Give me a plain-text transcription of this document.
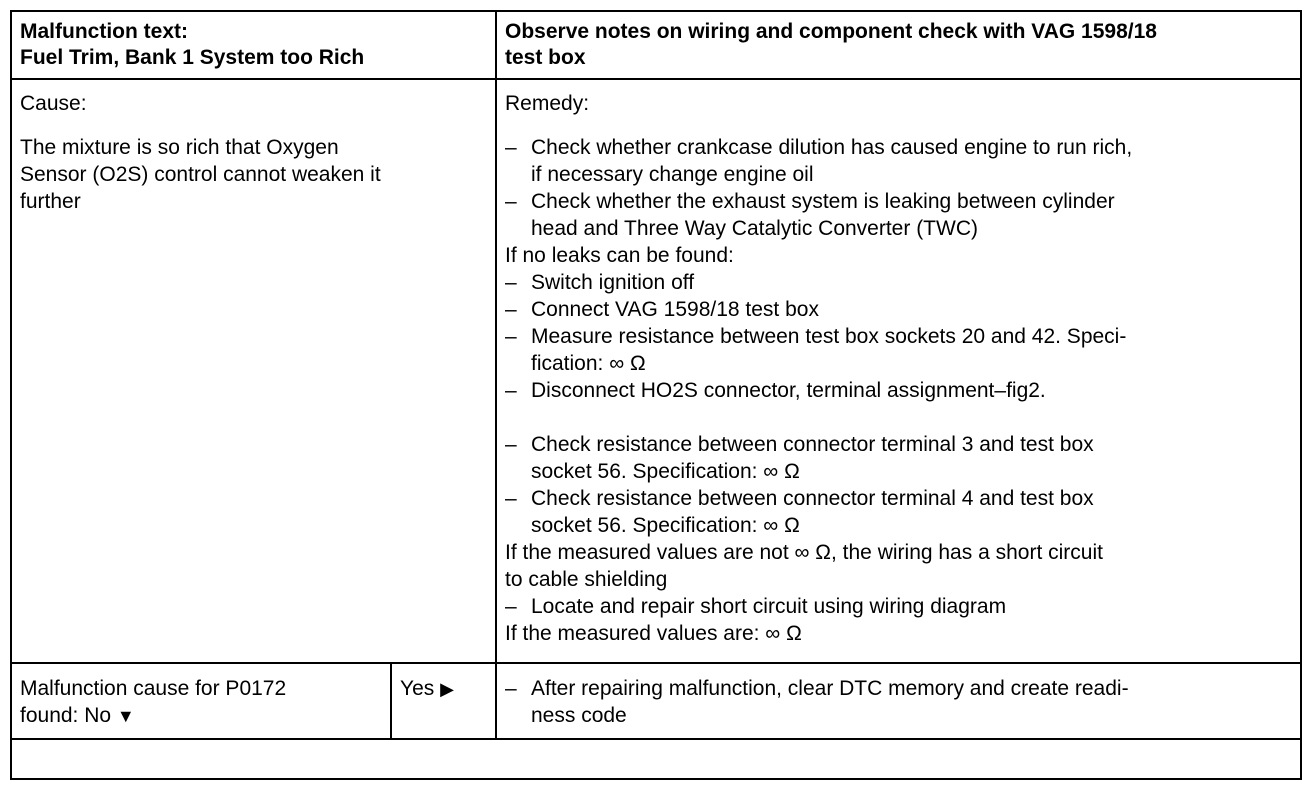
Malfunction text:
Fuel Trim, Bank 1 System too Rich
Observe notes on wiring and component check with VAG 1598/18
test box
Cause:
The mixture is so rich that Oxygen
Sensor (O2S) control cannot weaken it
further
Remedy:
– Check whether crankcase dilution has caused engine to run rich,
if necessary change engine oil
– Check whether the exhaust system is leaking between cylinder
head and Three Way Catalytic Converter (TWC)
If no leaks can be found:
– Switch ignition off
– Connect VAG 1598/18 test box
– Measure resistance between test box sockets 20 and 42. Speci-
fication: ∞ Ω
– Disconnect HO2S connector, terminal assignment–fig2.

– Check resistance between connector terminal 3 and test box
socket 56. Specification: ∞ Ω
– Check resistance between connector terminal 4 and test box
socket 56. Specification: ∞ Ω
If the measured values are not ∞ Ω, the wiring has a short circuit
to cable shielding
– Locate and repair short circuit using wiring diagram
If the measured values are: ∞ Ω
Malfunction cause for P0172
found: No ▼
Yes ▶
–	After repairing malfunction, clear DTC memory and create readi-
ness code
